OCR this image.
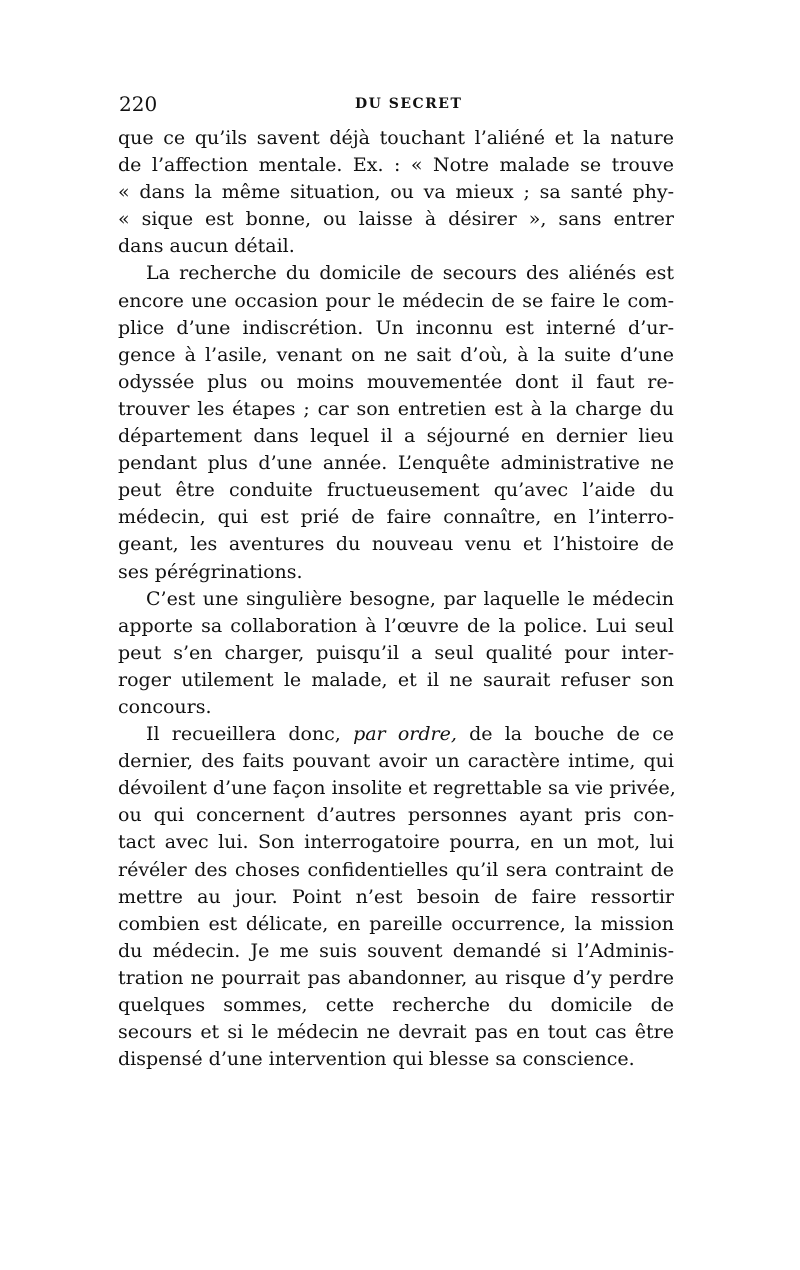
220	DU SECRET
que ce qu’ils savent déjà touchant l’aliéné et la nature
de l’affection mentale. Ex. : « Notre malade se trouve
« dans la même situation, ou va mieux ; sa santé phy-
« sique est bonne, ou laisse à désirer », sans entrer
dans aucun détail.
La recherche du domicile de secours des aliénés est
encore une occasion pour le médecin de se faire le com-
plice d’une indiscrétion. Un inconnu est interné d’ur-
gence à l’asile, venant on ne sait d’où, à la suite d’une
odyssée plus ou moins mouvementée dont il faut re-
trouver les étapes ; car son entretien est à la charge du
département dans lequel il a séjourné en dernier lieu
pendant plus d’une année. L’enquête administrative ne
peut être conduite fructueusement qu’avec l’aide du
médecin, qui est prié de faire connaître, en l’interro-
geant, les aventures du nouveau venu et l’histoire de
ses pérégrinations.
C’est une singulière besogne, par laquelle le médecin
apporte sa collaboration à l’œuvre de la police. Lui seul
peut s’en charger, puisqu’il a seul qualité pour inter-
roger utilement le malade, et il ne saurait refuser son
concours.
Il recueillera donc, par ordre, de la bouche de ce
dernier, des faits pouvant avoir un caractère intime, qui
dévoilent d’une façon insolite et regrettable sa vie privée,
ou qui concernent d’autres personnes ayant pris con-
tact avec lui. Son interrogatoire pourra, en un mot, lui
révéler des choses confidentielles qu’il sera contraint de
mettre au jour. Point n’est besoin de faire ressortir
combien est délicate, en pareille occurrence, la mission
du médecin. Je me suis souvent demandé si l’Adminis-
tration ne pourrait pas abandonner, au risque d’y perdre
quelques sommes, cette recherche du domicile de
secours et si le médecin ne devrait pas en tout cas être
dispensé d’une intervention qui blesse sa conscience.
